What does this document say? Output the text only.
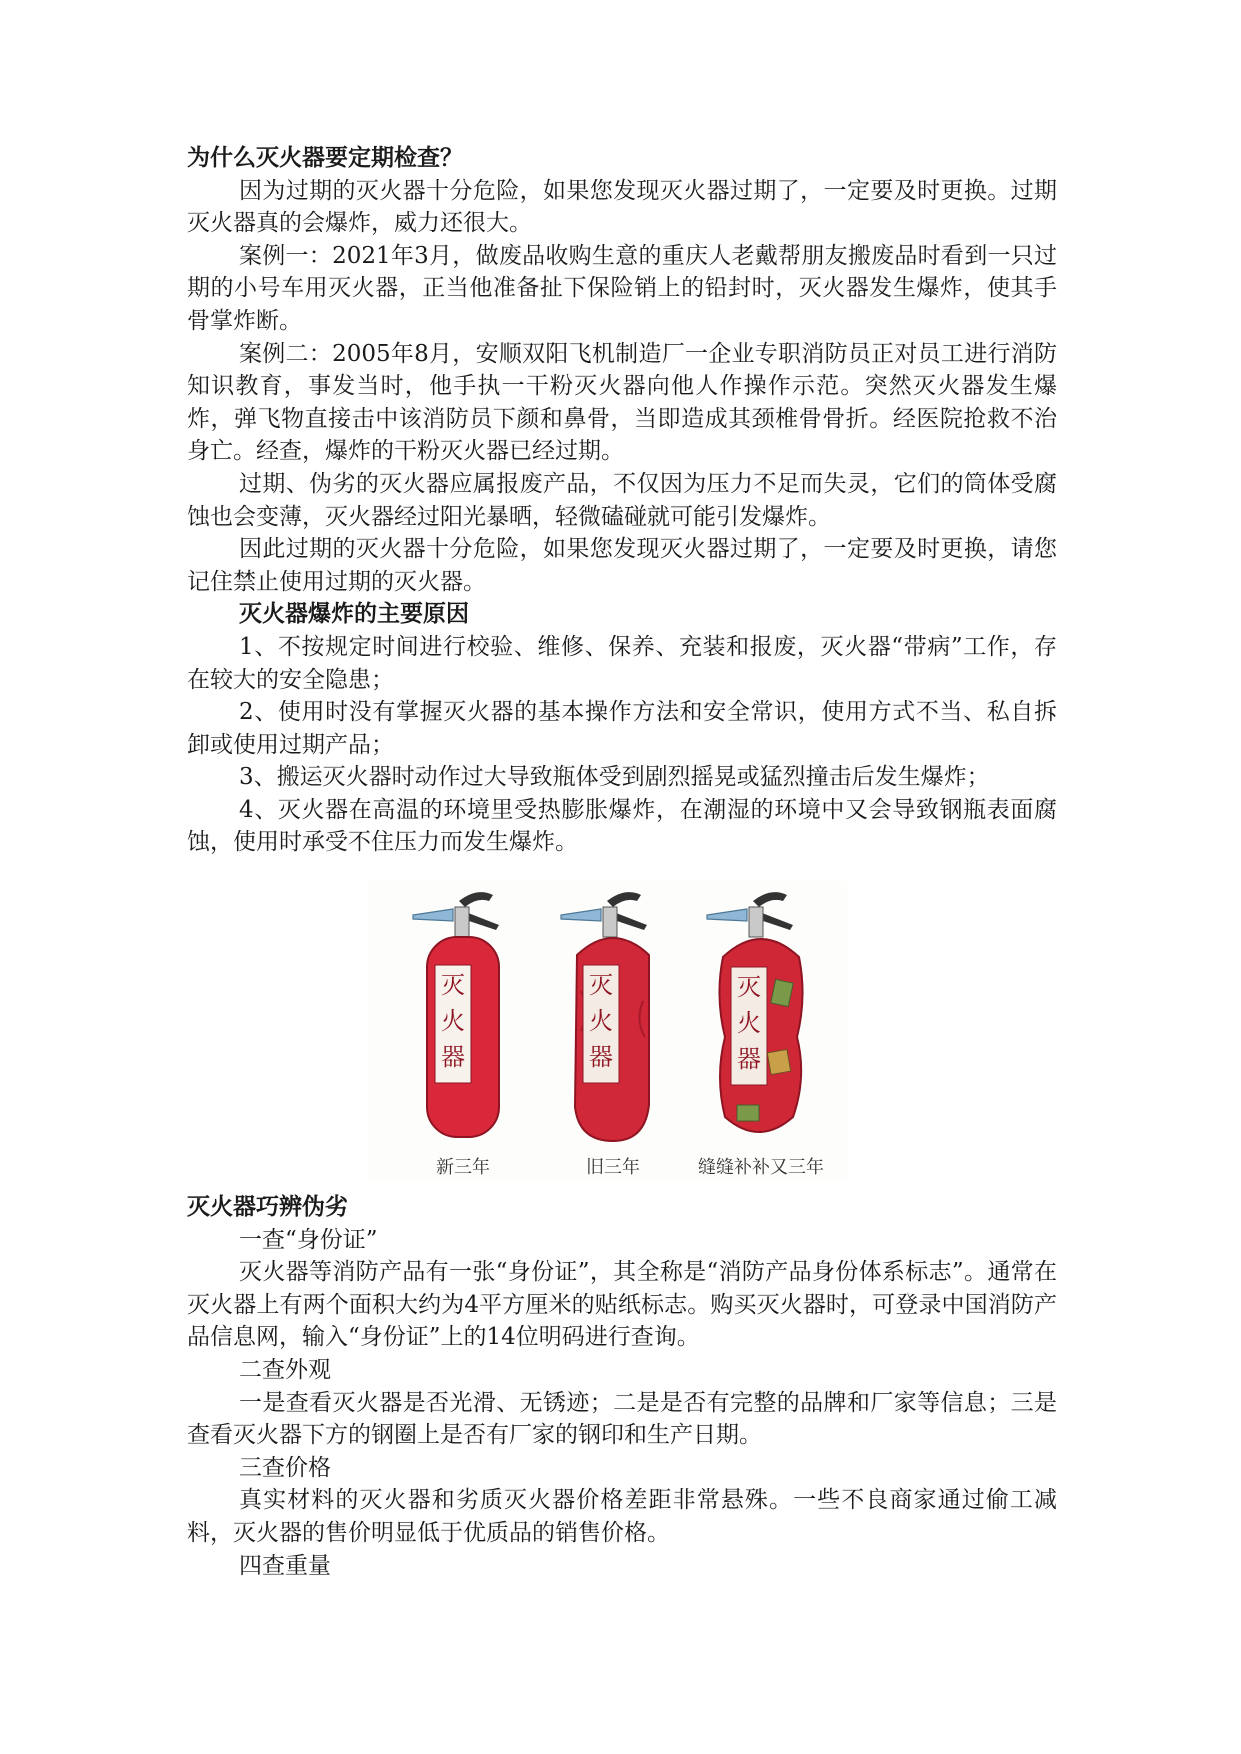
为什么灭火器要定期检查？

因为过期的灭火器十分危险，如果您发现灭火器过期了，一定要及时更换。过期灭火器真的会爆炸，威力还很大。

案例一：2021年3月，做废品收购生意的重庆人老戴帮朋友搬废品时看到一只过期的小号车用灭火器，正当他准备扯下保险销上的铅封时，灭火器发生爆炸，使其手骨掌炸断。

案例二：2005年8月，安顺双阳飞机制造厂一企业专职消防员正对员工进行消防知识教育，事发当时，他手执一干粉灭火器向他人作操作示范。突然灭火器发生爆炸，弹飞物直接击中该消防员下颜和鼻骨，当即造成其颈椎骨骨折。经医院抢救不治身亡。经查，爆炸的干粉灭火器已经过期。

过期、伪劣的灭火器应属报废产品，不仅因为压力不足而失灵，它们的筒体受腐蚀也会变薄，灭火器经过阳光暴晒，轻微磕碰就可能引发爆炸。

因此过期的灭火器十分危险，如果您发现灭火器过期了，一定要及时更换，请您记住禁止使用过期的灭火器。

灭火器爆炸的主要原因

1、不按规定时间进行校验、维修、保养、充装和报废，灭火器“带病”工作，存在较大的安全隐患；

2、使用时没有掌握灭火器的基本操作方法和安全常识，使用方式不当、私自拆卸或使用过期产品；

3、搬运灭火器时动作过大导致瓶体受到剧烈摇晃或猛烈撞击后发生爆炸；

4、灭火器在高温的环境里受热膨胀爆炸，在潮湿的环境中又会导致钢瓶表面腐蚀，使用时承受不住压力而发生爆炸。

灭
火
器
新三年
灭
火
器
旧三年
灭
火
器
缝缝补补又三年

灭火器巧辨伪劣

一查“身份证”

灭火器等消防产品有一张“身份证”，其全称是“消防产品身份体系标志”。通常在灭火器上有两个面积大约为4平方厘米的贴纸标志。购买灭火器时，可登录中国消防产品信息网，输入“身份证”上的14位明码进行查询。

二查外观

一是查看灭火器是否光滑、无锈迹；二是是否有完整的品牌和厂家等信息；三是查看灭火器下方的钢圈上是否有厂家的钢印和生产日期。

三查价格

真实材料的灭火器和劣质灭火器价格差距非常悬殊。一些不良商家通过偷工减料，灭火器的售价明显低于优质品的销售价格。

四查重量
